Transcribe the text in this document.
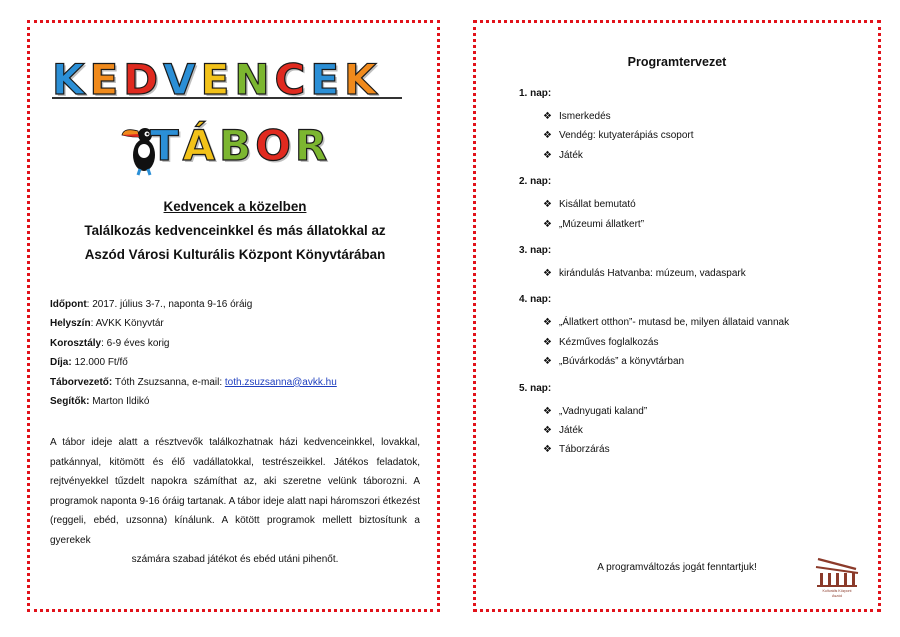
K E D V E N C E K
T Á B O R
Kedvencek a közelben
Találkozás kedvenceinkkel és más állatokkal az
Aszód Városi Kulturális Központ Könyvtárában
Időpont: 2017. július 3-7., naponta 9-16 óráig
Helyszín: AVKK Könyvtár
Korosztály: 6-9 éves korig
Díja: 12.000 Ft/fő
Táborvezető: Tóth Zsuzsanna, e-mail: toth.zsuzsanna@avkk.hu
Segítők: Marton Ildikó
A tábor ideje alatt a résztvevők találkozhatnak házi kedvenceinkkel, lovakkal, patkánnyal, kitömött és élő vadállatokkal, testrészeikkel. Játékos feladatok, rejtvényekkel tűzdelt napokra számíthat az, aki szeretne velünk táborozni. A programok naponta 9-16 óráig tartanak. A tábor ideje alatt napi háromszori étkezést (reggeli, ebéd, uzsonna) kínálunk. A kötött programok mellett biztosítunk a gyerekek
számára szabad játékot és ebéd utáni pihenőt.
Programtervezet
1. nap:
❖ Ismerkedés
❖ Vendég: kutyaterápiás csoport
❖ Játék
2. nap:
❖ Kisállat bemutató
❖ „Múzeumi állatkert”
3. nap:
❖ kirándulás Hatvanba: múzeum, vadaspark
4. nap:
❖ „Állatkert otthon”- mutasd be, milyen állataid vannak
❖ Kézműves foglalkozás
❖ „Búvárkodás” a könyvtárban
5. nap:
❖ „Vadnyugati kaland”
❖ Játék
❖ Táborzárás
A programváltozás jogát fenntartjuk!
Kulturális Központ
Aszód
